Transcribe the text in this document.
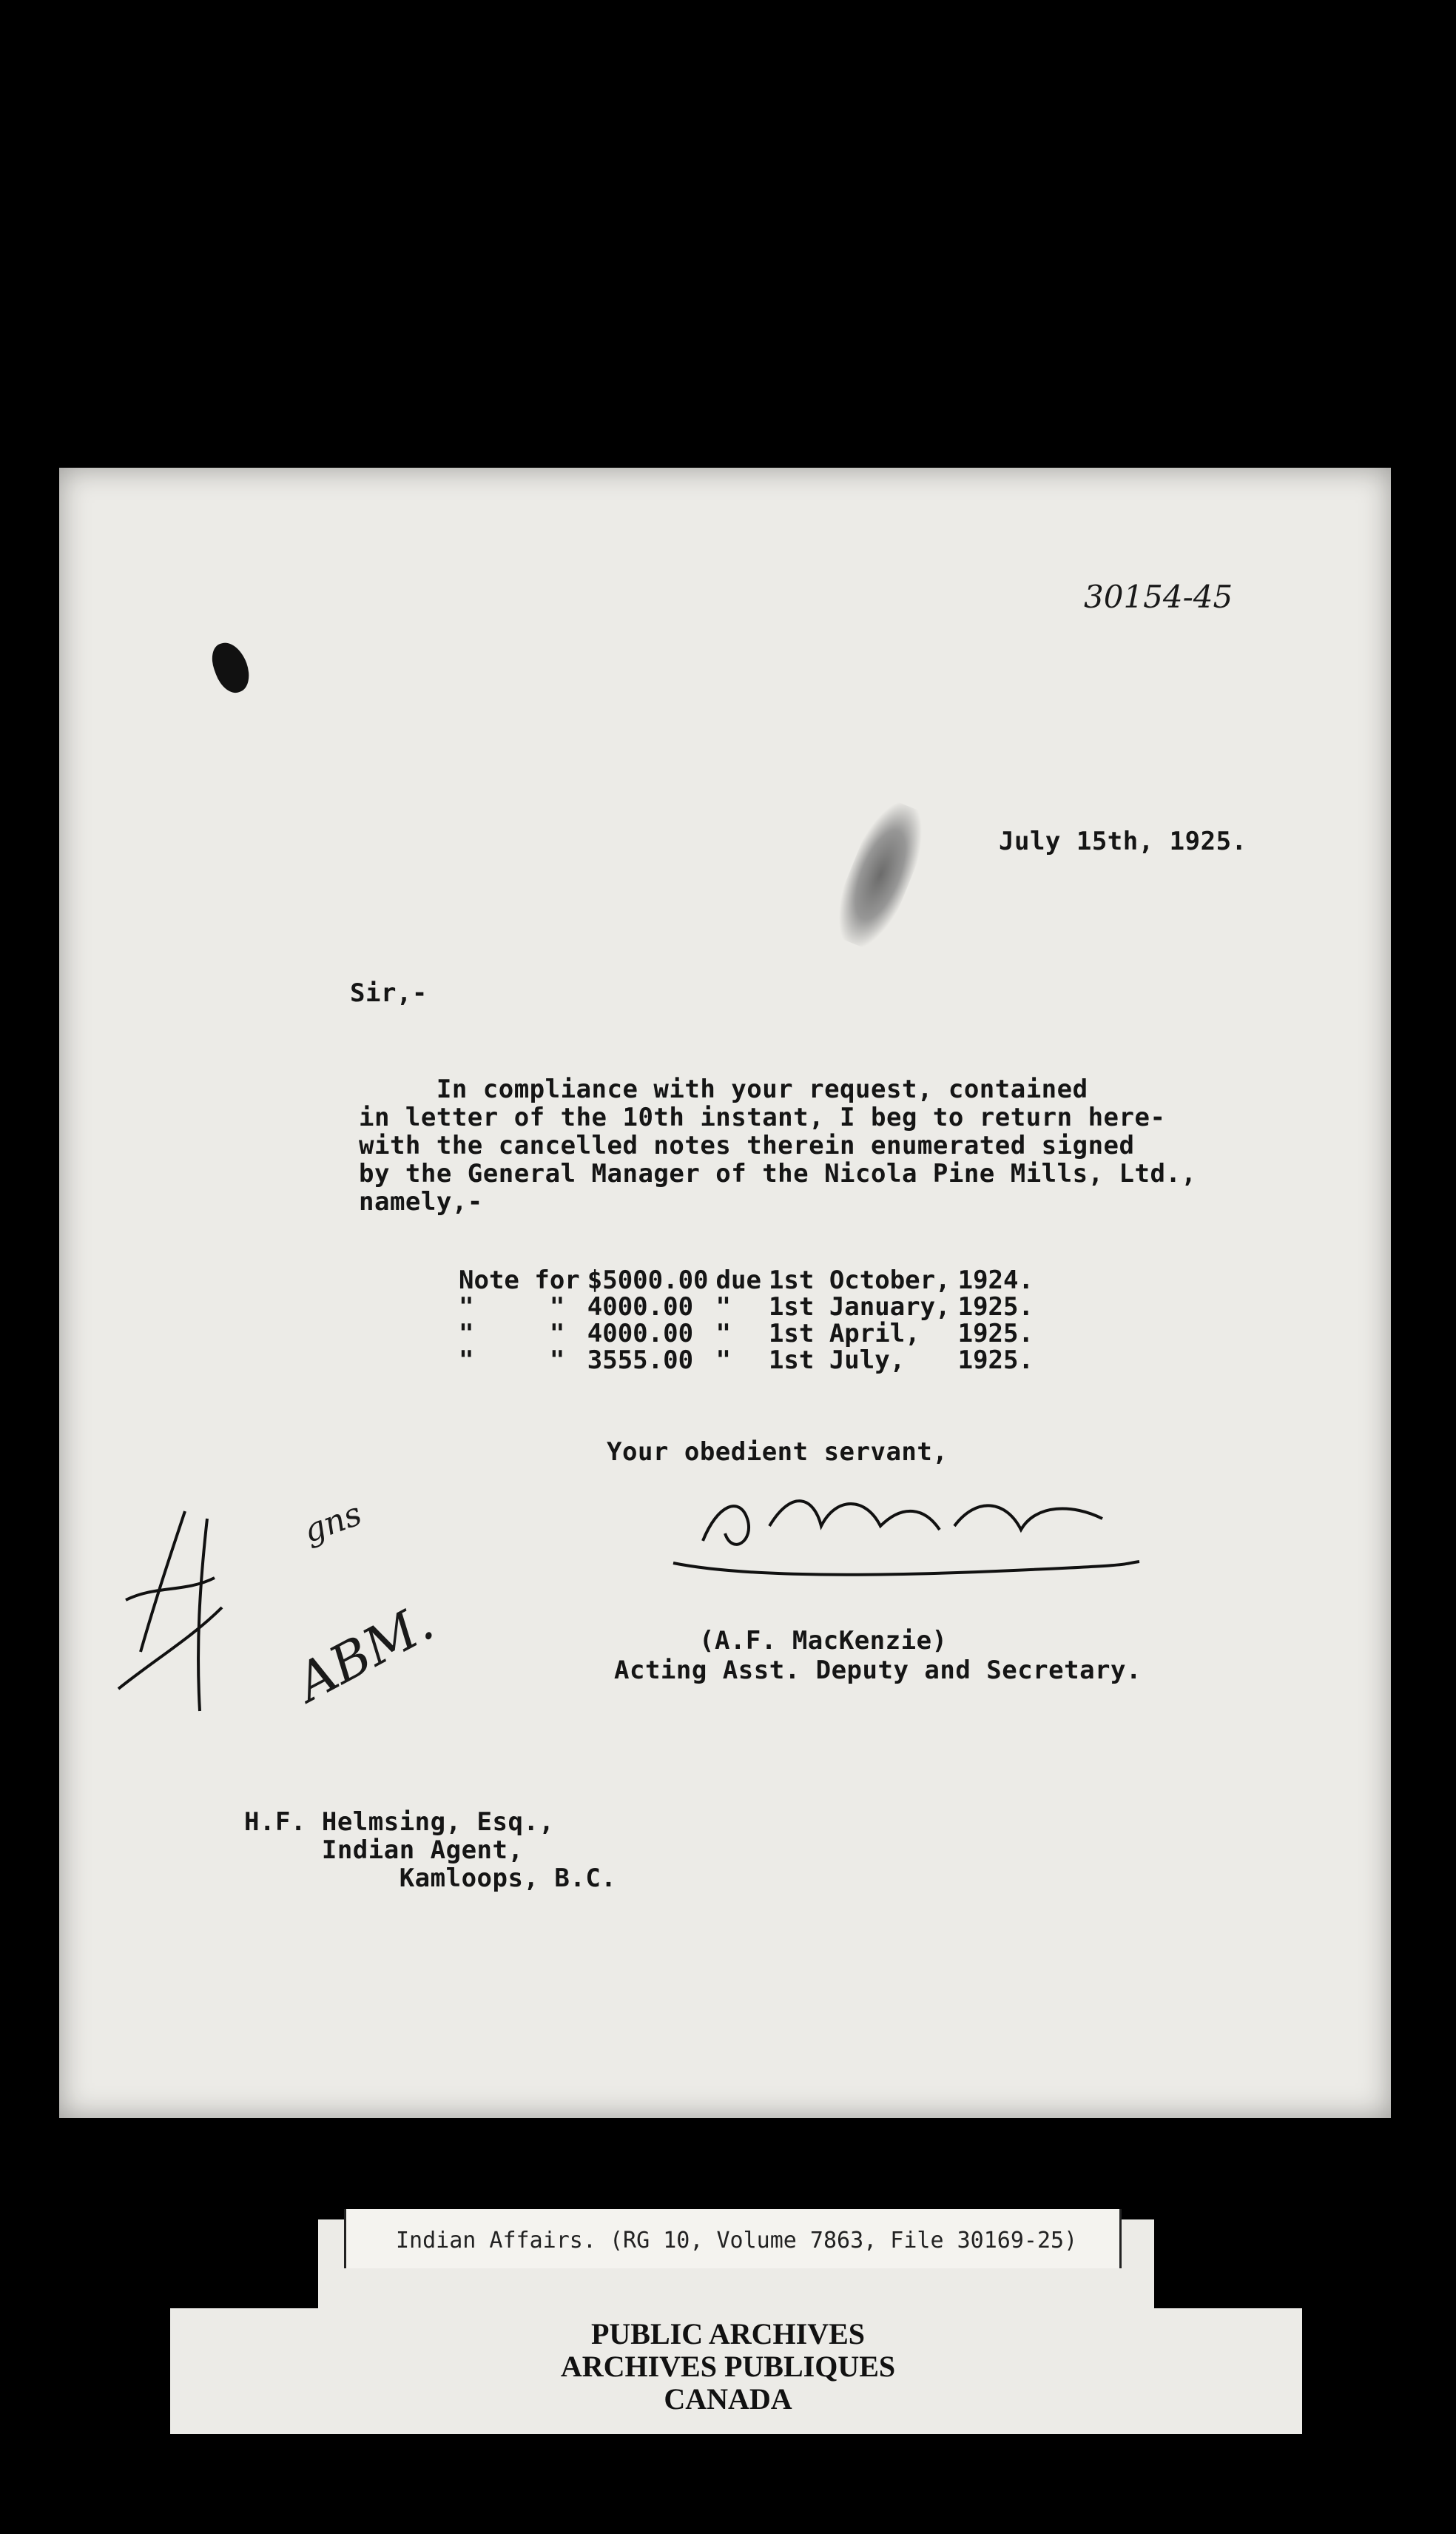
30154-45
July 15th, 1925.
Sir,-
In compliance with your request, contained
in letter of the 10th instant, I beg to return here-
with the cancelled notes therein enumerated signed
by the General Manager of the Nicola Pine Mills, Ltd.,
namely,-
Note for	$5000.00	due	1st October,	1924.
"     "	4000.00	"	1st January,	1925.
"     "	4000.00	"	1st April,	1925.
"     "	3555.00	"	1st July,	1925.
Your obedient servant,
(A.F. MacKenzie)
Acting Asst. Deputy and Secretary.
gns
ABM.
H.F. Helmsing, Esq.,
Indian Agent,
Kamloops, B.C.
Indian Affairs. (RG 10, Volume 7863, File 30169-25)
PUBLIC ARCHIVES
ARCHIVES PUBLIQUES
CANADA
